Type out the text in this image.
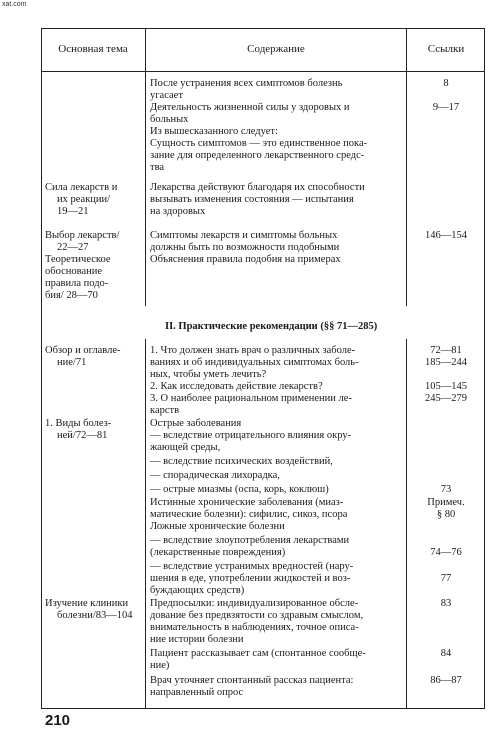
xat.com
Основная тема	Содержание	Ссылки
II. Практические рекомендации (§§ 71—285)
Сила лекарств и
их реакции/
19—21
Выбор лекарств/
22—27
Теоретическое
обоснование
правила подо-
бия/ 28—70
Обзор и оглавле-
ние/71
1. Виды болез-
ней/72—81
Изучение клиники
болезни/83—104
После устранения всех симптомов болезнь
угасает
Деятельность жизненной силы у здоровых и
больных
Из вышесказанного следует:
Сущность симптомов — это единственное пока-
зание для определенного лекарственного средс-
тва
Лекарства действуют благодаря их способности
вызывать изменения состояния — испытания
на здоровых
Симптомы лекарств и симптомы больных
должны быть по возможности подобными
Объяснения правила подобия на примерах
1. Что должен знать врач о различных заболе-
ваниях и об индивидуальных симптомах боль-
ных, чтобы уметь лечить?
2. Как исследовать действие лекарств?
3. О наиболее рациональном применении ле-
карств
Острые заболевания
— вследствие отрицательного влияния окру-
жающей среды,
— вследствие психических воздействий,
— спорадическая лихорадка,
— острые миазмы (оспа, корь, коклюш)
Истинные хронические заболевания (миаз-
матические болезни): сифилис, сикоз, псора
Ложные хронические болезни
— вследствие злоупотребления лекарствами
(лекарственные повреждения)
— вследствие устранимых вредностей (нару-
шения в еде, употреблении жидкостей и воз-
буждающих средств)
Предпосылки: индивидуализированное обсле-
дование без предвзятости со здравым смыслом,
внимательность в наблюдениях, точное описа-
ние истории болезни
Пациент рассказывает сам (спонтанное сообще-
ние)
Врач уточняет спонтанный рассказ пациента:
направленный опрос
8
9—17
146—154
72—81
185—244
105—145
245—279
73
Примеч.
§ 80
74—76
77
83
84
86—87
210
